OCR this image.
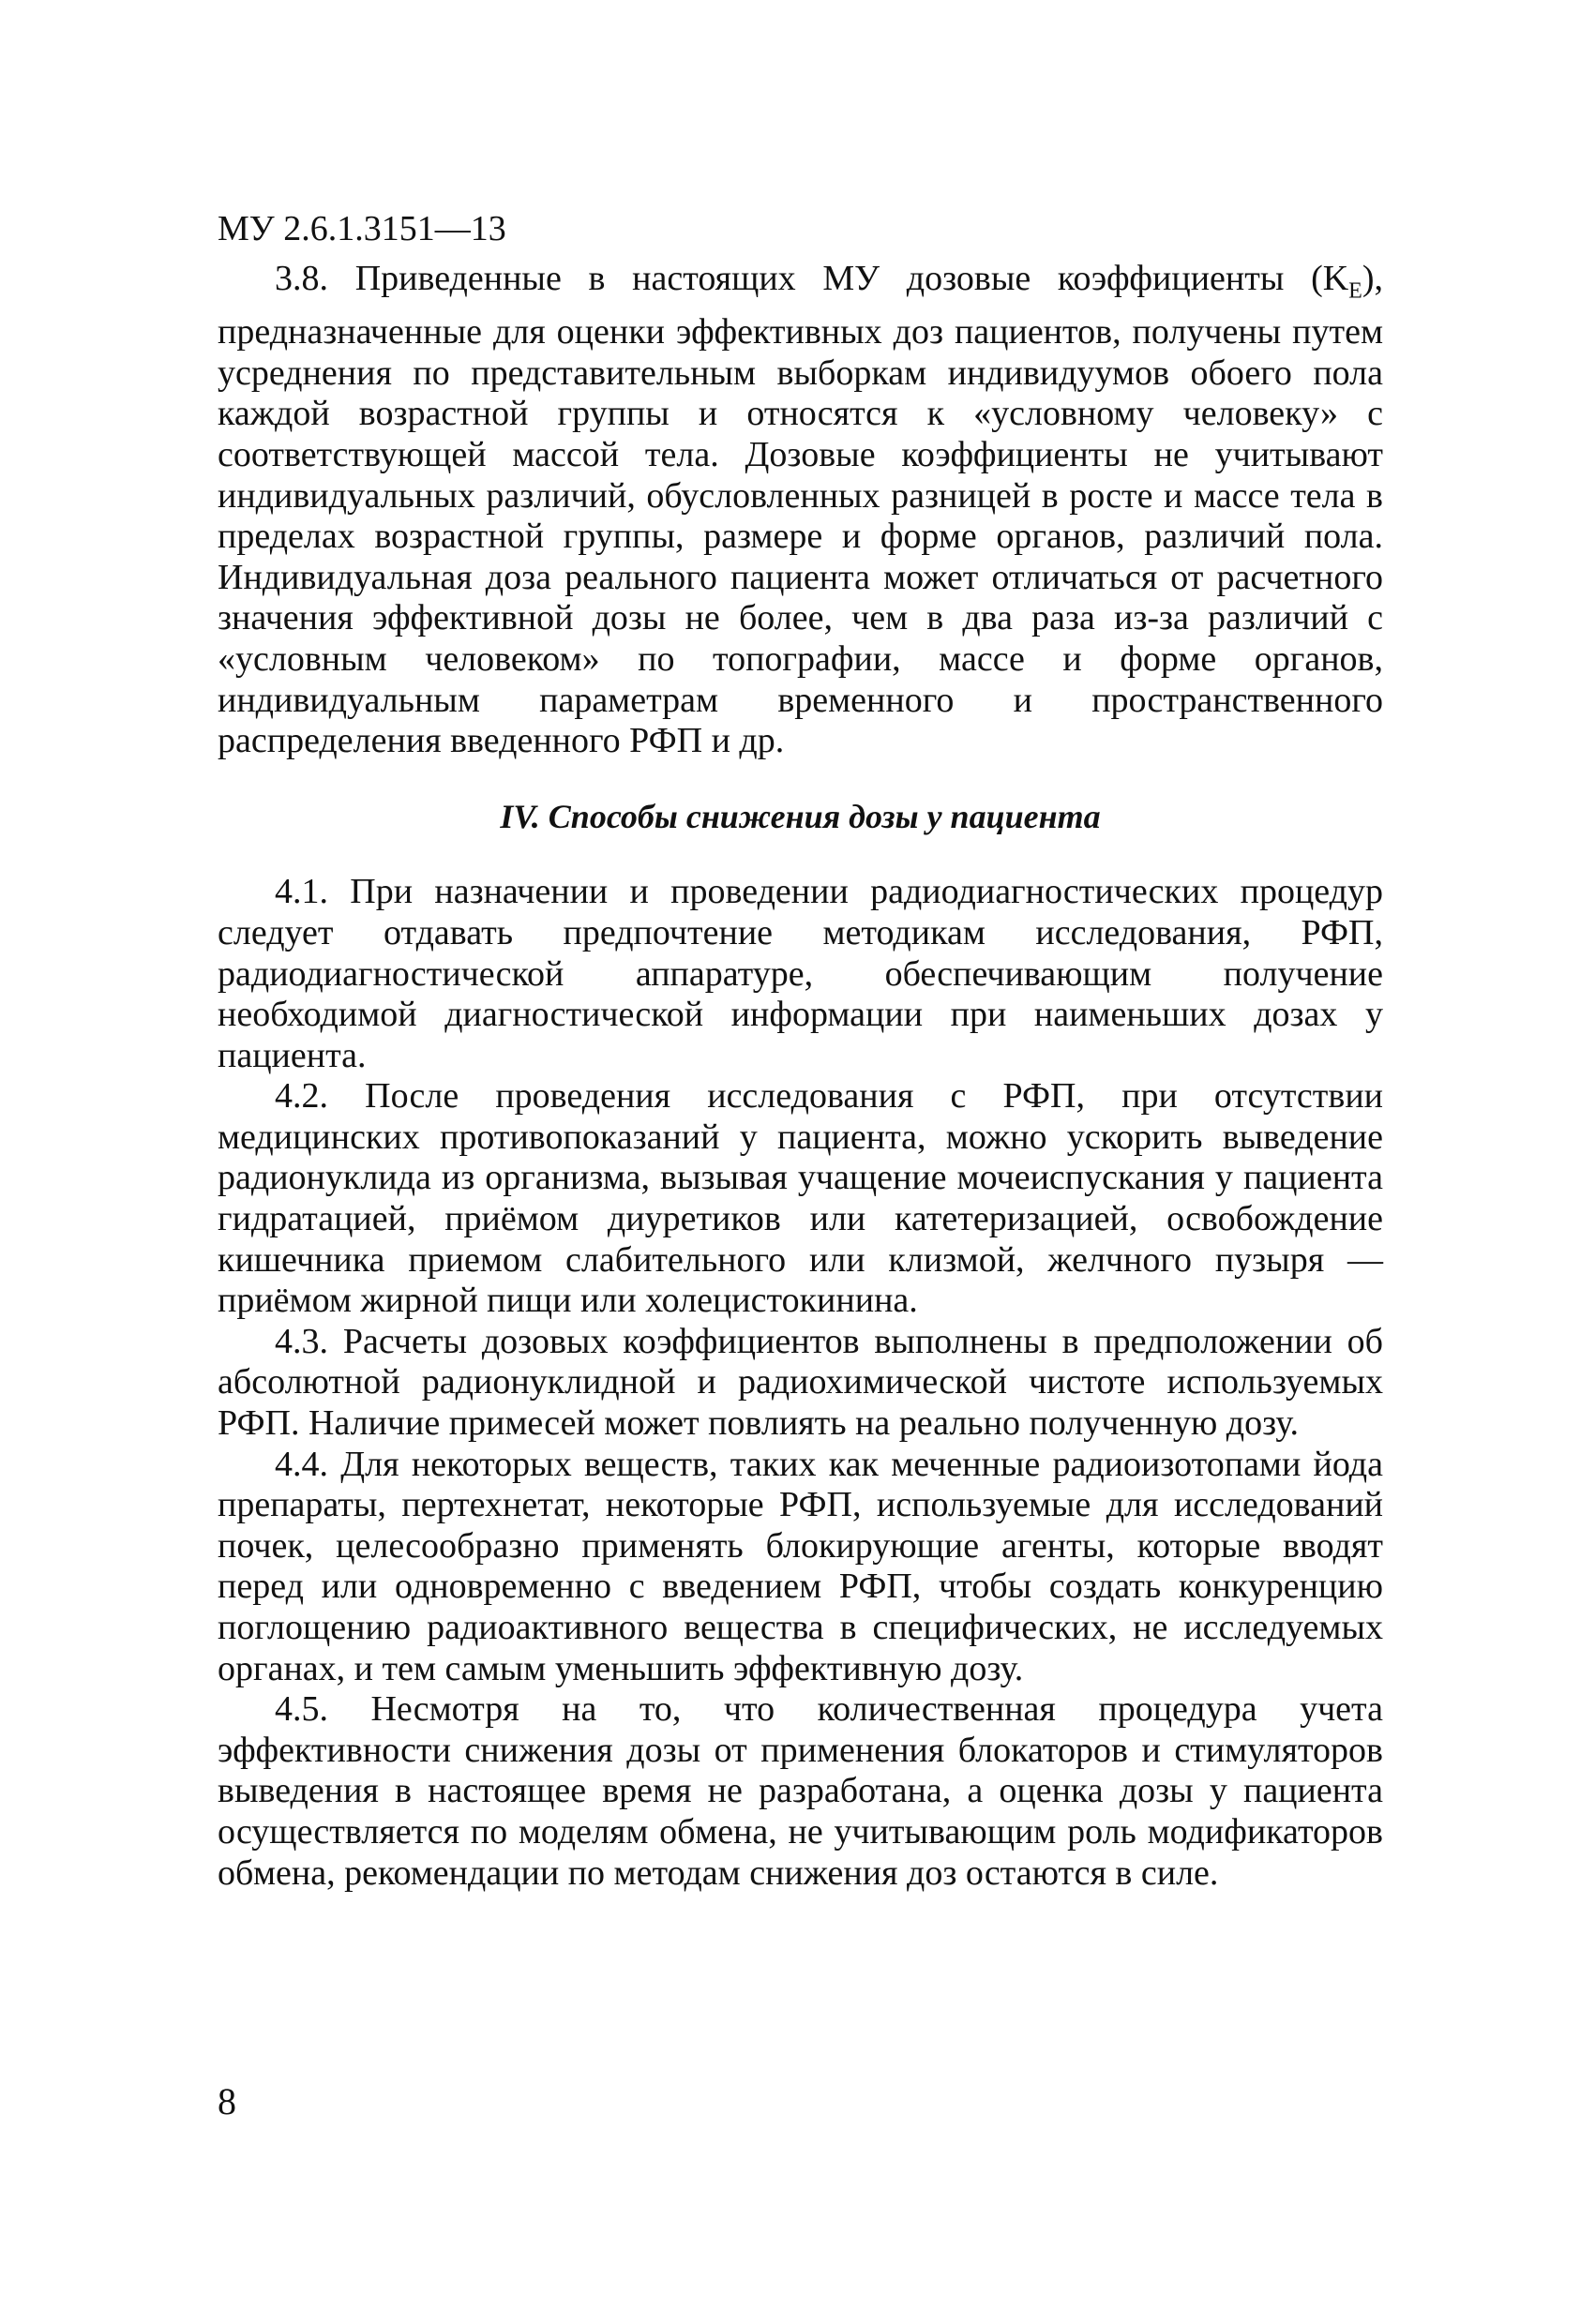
МУ 2.6.1.3151—13

3.8. Приведенные в настоящих МУ дозовые коэффициенты $(K_E)$, предназначенные для оценки эффективных доз пациентов, получены путем усреднения по представительным выборкам индивидуумов обоего пола каждой возрастной группы и относятся к «условному человеку» с соответствующей массой тела. Дозовые коэффициенты не учитывают индивидуальных различий, обусловленных разницей в росте и массе тела в пределах возрастной группы, размере и форме органов, различий пола. Индивидуальная доза реального пациента может отличаться от расчетного значения эффективной дозы не более, чем в два раза из-за различий с «условным человеком» по топографии, массе и форме органов, индивидуальным параметрам временного и пространственного распределения введенного РФП и др.

IV. Способы снижения дозы у пациента

4.1. При назначении и проведении радиодиагностических процедур следует отдавать предпочтение методикам исследования, РФП, радиодиагностической аппаратуре, обеспечивающим получение необходимой диагностической информации при наименьших дозах у пациента.

4.2. После проведения исследования с РФП, при отсутствии медицинских противопоказаний у пациента, можно ускорить выведение радионуклида из организма, вызывая учащение мочеиспускания у пациента гидратацией, приёмом диуретиков или катетеризацией, освобождение кишечника приемом слабительного или клизмой, желчного пузыря — приёмом жирной пищи или холецистокинина.

4.3. Расчеты дозовых коэффициентов выполнены в предположении об абсолютной радионуклидной и радиохимической чистоте используемых РФП. Наличие примесей может повлиять на реально полученную дозу.

4.4. Для некоторых веществ, таких как меченные радиоизотопами йода препараты, пертехнетат, некоторые РФП, используемые для исследований почек, целесообразно применять блокирующие агенты, которые вводят перед или одновременно с введением РФП, чтобы создать конкуренцию поглощению радиоактивного вещества в специфических, не исследуемых органах, и тем самым уменьшить эффективную дозу.

4.5. Несмотря на то, что количественная процедура учета эффективности снижения дозы от применения блокаторов и стимуляторов выведения в настоящее время не разработана, а оценка дозы у пациента осуществляется по моделям обмена, не учитывающим роль модификаторов обмена, рекомендации по методам снижения доз остаются в силе.

8
